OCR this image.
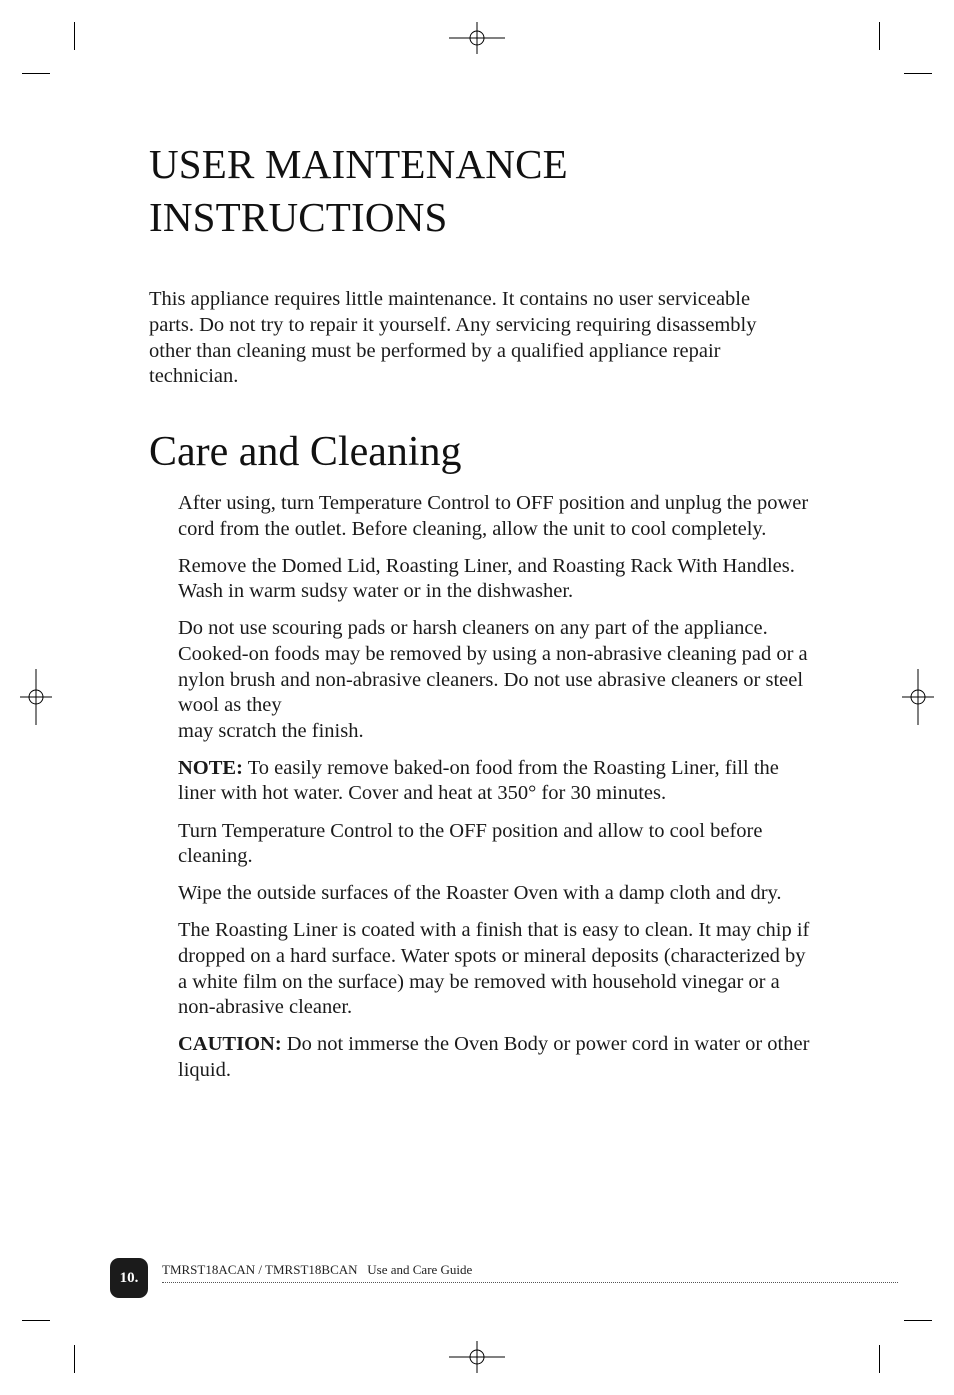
USER MAINTENANCE
INSTRUCTIONS

This appliance requires little maintenance. It contains no user serviceable parts. Do not try to repair it yourself. Any servicing requiring disassembly other than cleaning must be performed by a qualified appliance repair technician.

Care and Cleaning

After using, turn Temperature Control to OFF position and unplug the power cord from the outlet. Before cleaning, allow the unit to cool completely.

Remove the Domed Lid, Roasting Liner, and Roasting Rack With Handles. Wash in warm sudsy water or in the dishwasher.

Do not use scouring pads or harsh cleaners on any part of the appliance. Cooked-on foods may be removed by using a non-abrasive cleaning pad or a nylon brush and non-abrasive cleaners. Do not use abrasive cleaners or steel wool as they
may scratch the finish.

NOTE: To easily remove baked-on food from the Roasting Liner, fill the liner with hot water. Cover and heat at 350° for 30 minutes.

Turn Temperature Control to the OFF position and allow to cool before cleaning.

Wipe the outside surfaces of the Roaster Oven with a damp cloth and dry.

The Roasting Liner is coated with a finish that is easy to clean. It may chip if dropped on a hard surface. Water spots or mineral deposits (characterized by a white film on the surface) may be removed with household vinegar or a non-abrasive cleaner.

CAUTION: Do not immerse the Oven Body or power cord in water or other liquid.

10.
TMRST18ACAN / TMRST18BCAN Use and Care Guide
